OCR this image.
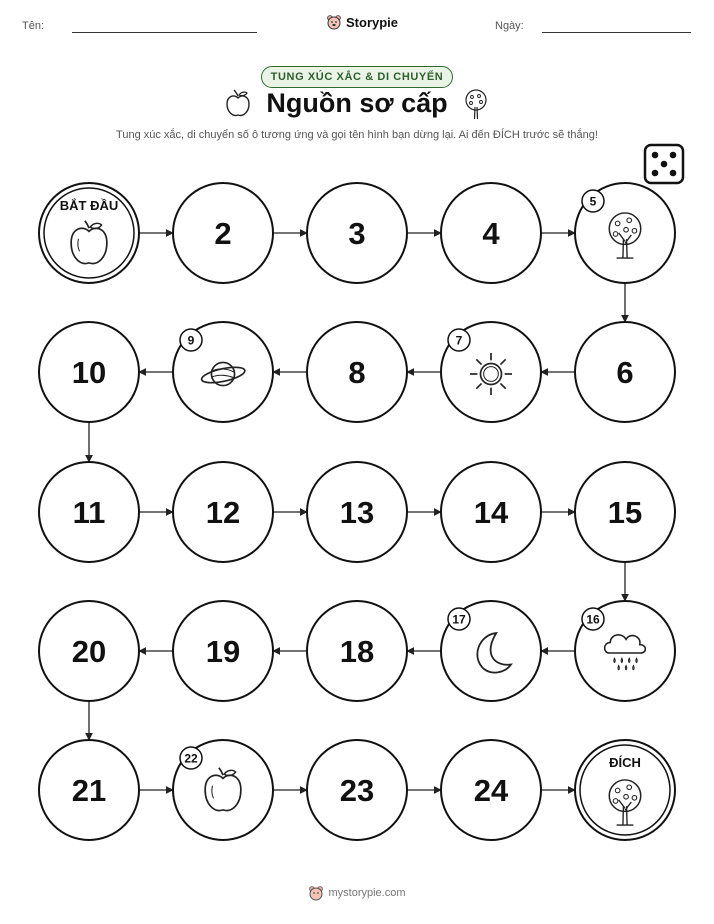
Tên:	Storypie	Ngày:
TUNG XÚC XẮC & DI CHUYỂN
Nguồn sơ cấp
Tung xúc xắc, di chuyển số ô tương ứng và gọi tên hình bạn dừng lại. Ai đến ĐÍCH trước sẽ thắng!
BẮT ĐẦU
2	3	4
5
6
7
8
9
10
11	12	13	14	15
16
17
18
19
20
21
22
23	24
ĐÍCH
mystorypie.com
